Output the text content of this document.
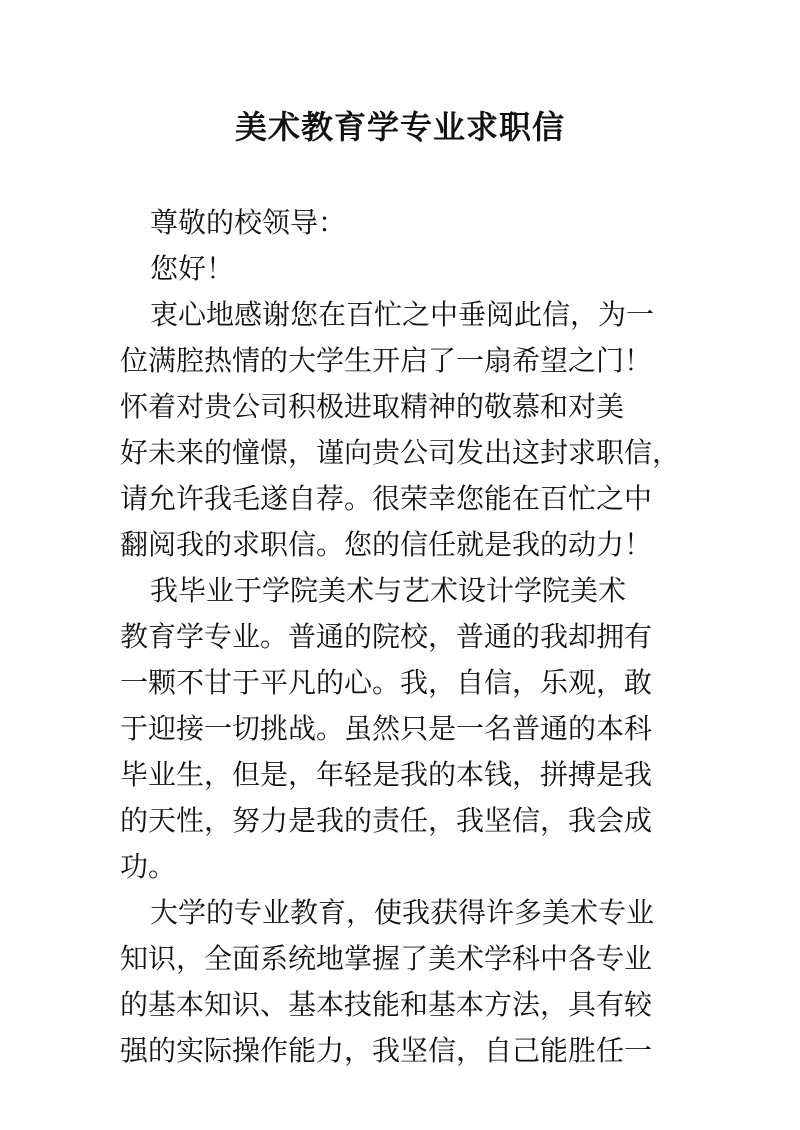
美术教育学专业求职信
尊敬的校领导：
您好！
衷心地感谢您在百忙之中垂阅此信，为一
位满腔热情的大学生开启了一扇希望之门！
怀着对贵公司积极进取精神的敬慕和对美
好未来的憧憬，谨向贵公司发出这封求职信，
请允许我毛遂自荐。很荣幸您能在百忙之中
翻阅我的求职信。您的信任就是我的动力！
我毕业于学院美术与艺术设计学院美术
教育学专业。普通的院校，普通的我却拥有
一颗不甘于平凡的心。我，自信，乐观，敢
于迎接一切挑战。虽然只是一名普通的本科
毕业生，但是，年轻是我的本钱，拼搏是我
的天性，努力是我的责任，我坚信，我会成
功。
大学的专业教育，使我获得许多美术专业
知识，全面系统地掌握了美术学科中各专业
的基本知识、基本技能和基本方法，具有较
强的实际操作能力，我坚信，自己能胜任一
